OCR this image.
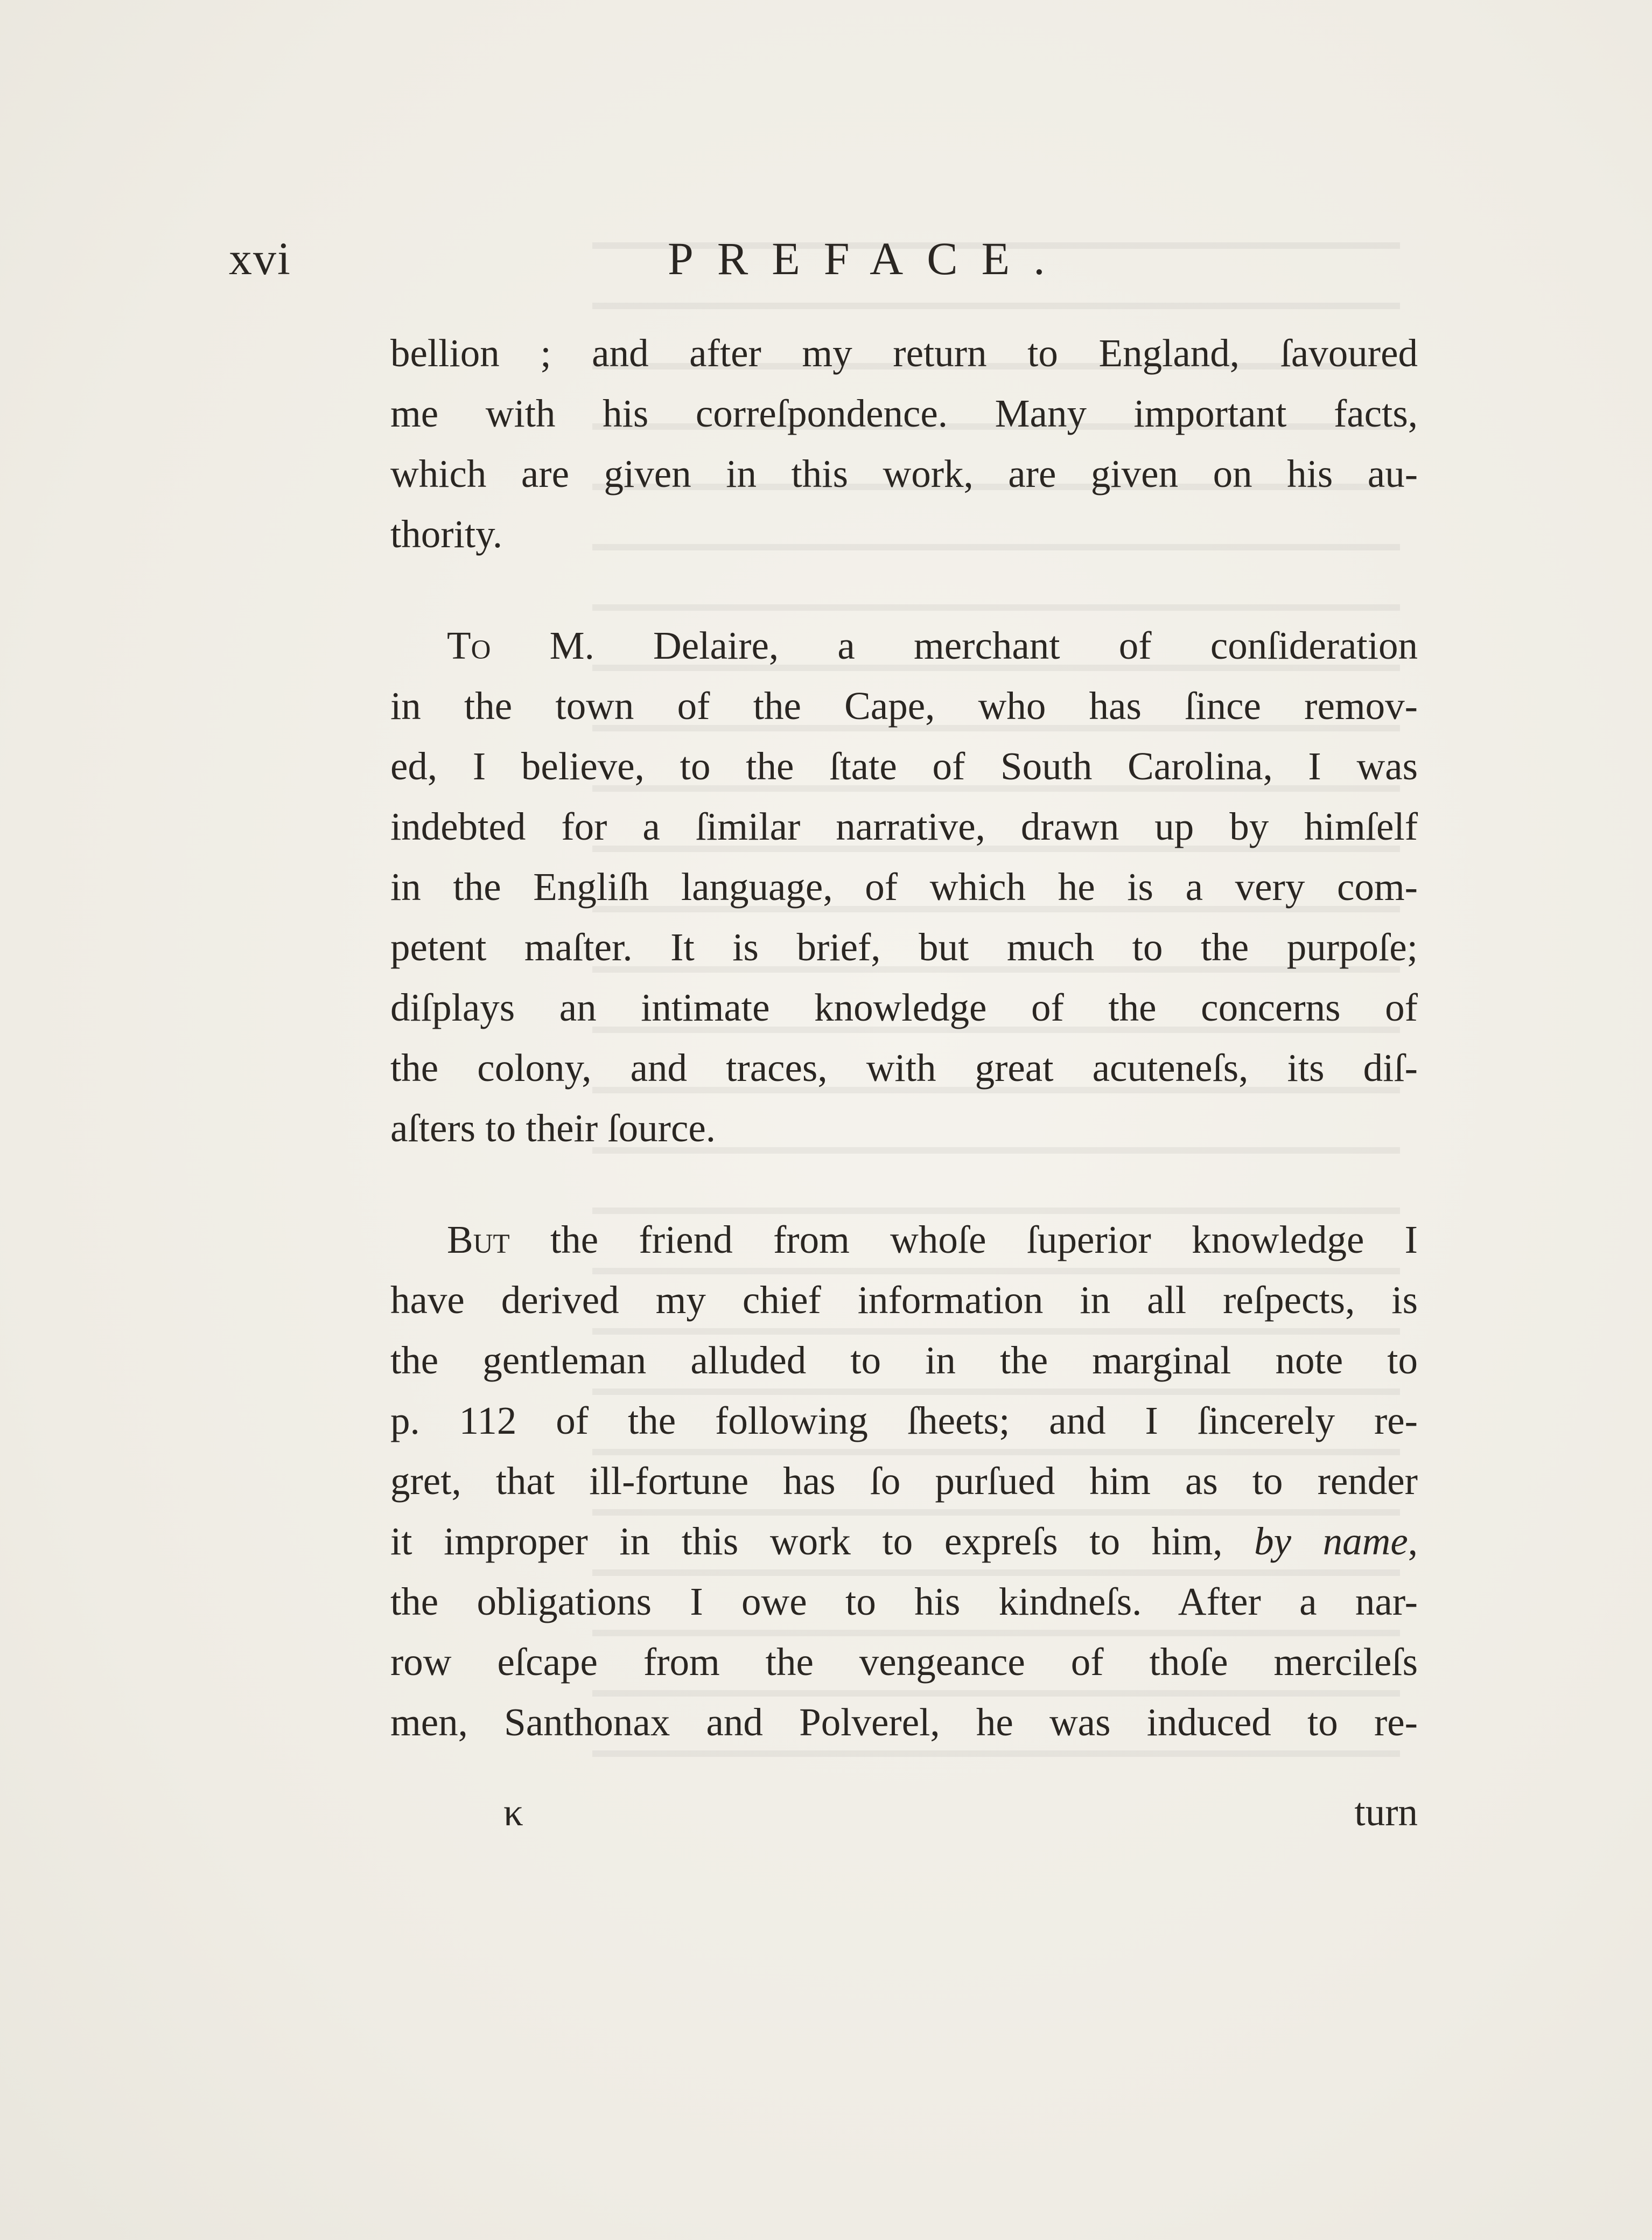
xvi	PREFACE.
bellion ; and after my return to England, ſavoured
me with his correſpondence. Many important facts,
which are given in this work, are given on his au-
thority.
To M. Delaire, a merchant of conſideration
in the town of the Cape, who has ſince remov-
ed, I believe, to the ſtate of South Carolina, I was
indebted for a ſimilar narrative, drawn up by himſelf
in the Engliſh language, of which he is a very com-
petent maſter. It is brief, but much to the purpoſe;
diſplays an intimate knowledge of the concerns of
the colony, and traces, with great acuteneſs, its diſ-
aſters to their ſource.
But the friend from whoſe ſuperior knowledge I
have derived my chief information in all reſpects, is
the gentleman alluded to in the marginal note to
p. 112 of the following ſheets; and I ſincerely re-
gret, that ill-fortune has ſo purſued him as to render
it improper in this work to expreſs to him, by name,
the obligations I owe to his kindneſs. After a nar-
row eſcape from the vengeance of thoſe mercileſs
men, Santhonax and Polverel, he was induced to re-
κ	turn
